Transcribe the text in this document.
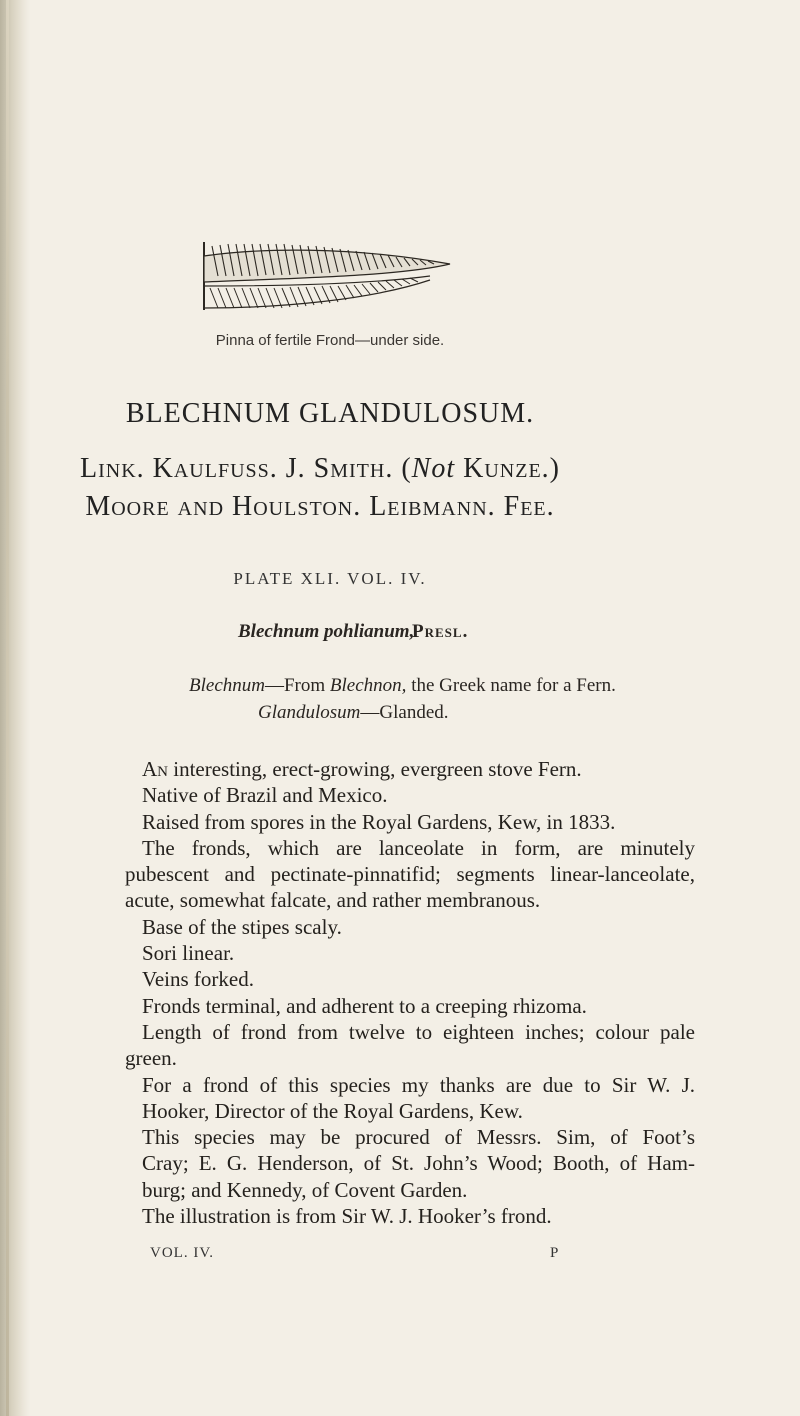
Pinna of fertile Frond—under side.
BLECHNUM GLANDULOSUM.
Link. Kaulfuss. J. Smith. (Not Kunze.)
Moore and Houlston. Leibmann. Fee.
PLATE XLI. VOL. IV.
Blechnum pohlianum,
Presl.
Blechnum—From Blechnon, the Greek name for a Fern.
Glandulosum—Glanded.
An interesting, erect-growing, evergreen stove Fern.
Native of Brazil and Mexico.
Raised from spores in the Royal Gardens, Kew, in 1833.
The fronds, which are lanceolate in form, are minutely
pubescent and pectinate-pinnatifid; segments linear-lanceolate,
acute, somewhat falcate, and rather membranous.
Base of the stipes scaly.
Sori linear.
Veins forked.
Fronds terminal, and adherent to a creeping rhizoma.
Length of frond from twelve to eighteen inches; colour pale
green.
For a frond of this species my thanks are due to Sir W. J.
Hooker, Director of the Royal Gardens, Kew.
This species may be procured of Messrs. Sim, of Foot’s
Cray; E. G. Henderson, of St. John’s Wood; Booth, of Ham-
burg; and Kennedy, of Covent Garden.
The illustration is from Sir W. J. Hooker’s frond.
VOL. IV.	P
